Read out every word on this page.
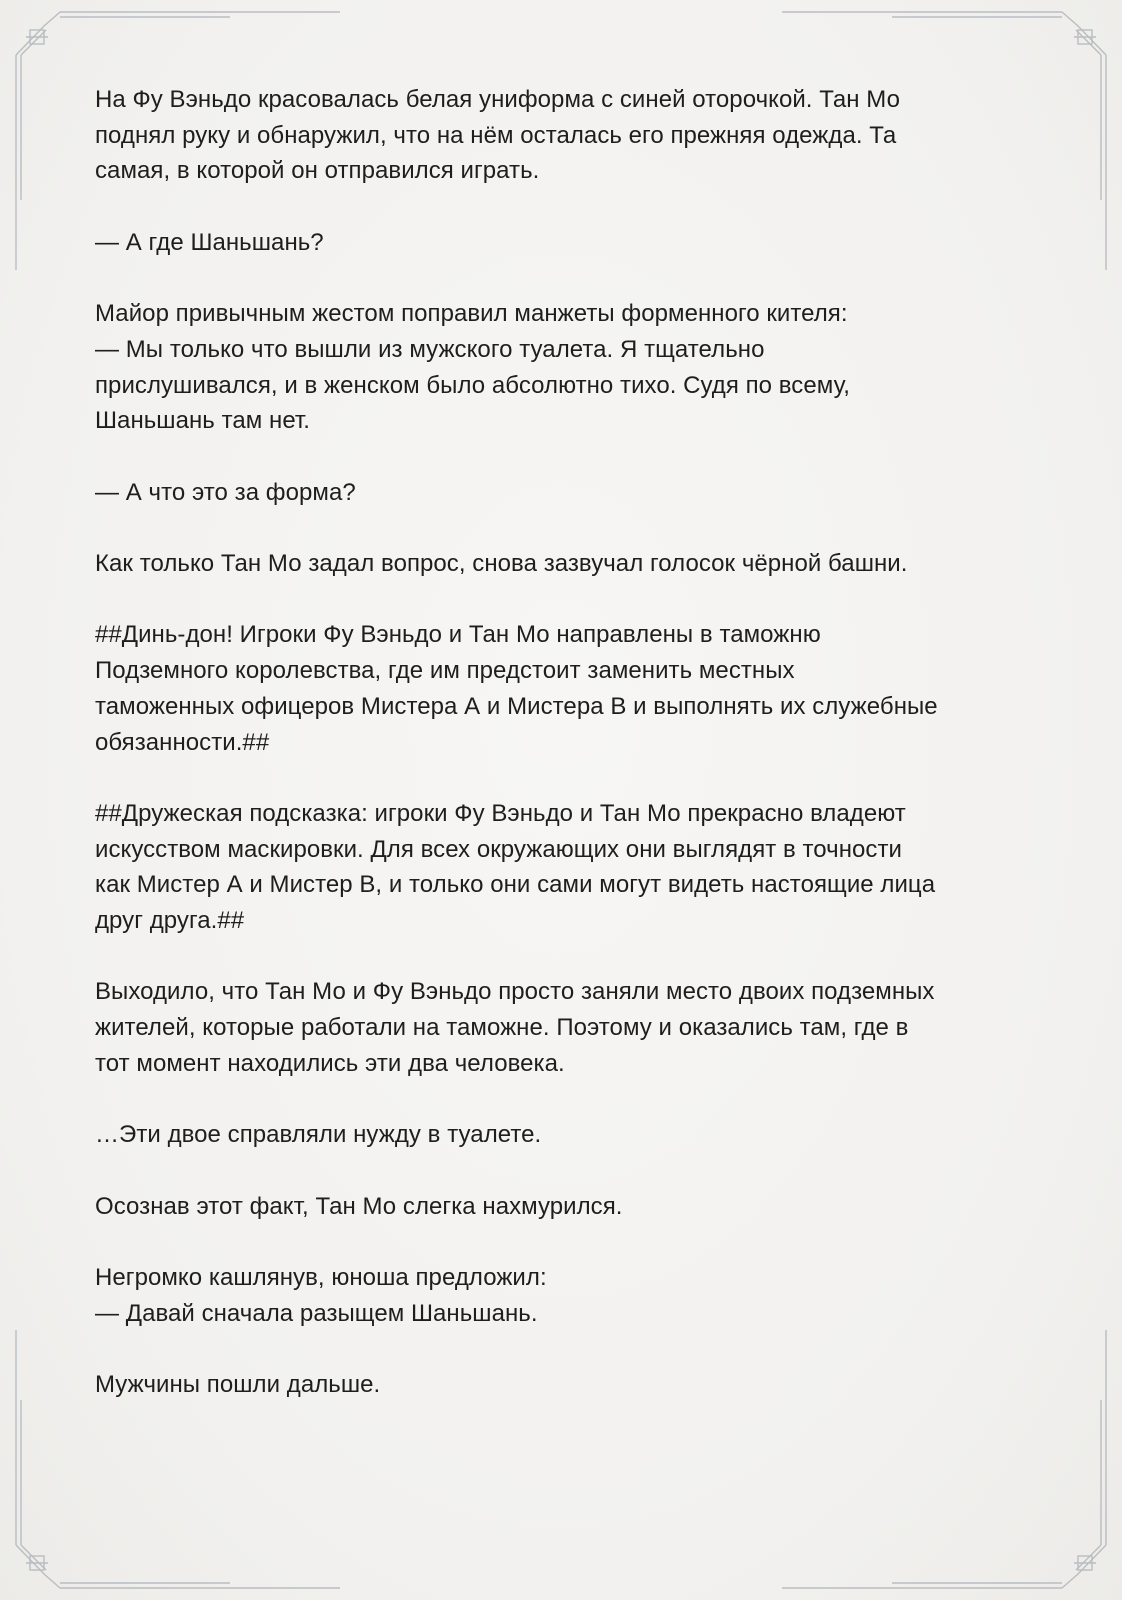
На Фу Вэньдо красовалась белая униформа с синей оторочкой. Тан Мо
поднял руку и обнаружил, что на нём осталась его прежняя одежда. Та
самая, в которой он отправился играть.

— А где Шаньшань?

Майор привычным жестом поправил манжеты форменного кителя:
— Мы только что вышли из мужского туалета. Я тщательно
прислушивался, и в женском было абсолютно тихо. Судя по всему,
Шаньшань там нет.

— А что это за форма?

Как только Тан Мо задал вопрос, снова зазвучал голосок чёрной башни.

##Динь-дон! Игроки Фу Вэньдо и Тан Мо направлены в таможню
Подземного королевства, где им предстоит заменить местных
таможенных офицеров Мистера А и Мистера В и выполнять их служебные
обязанности.##

##Дружеская подсказка: игроки Фу Вэньдо и Тан Мо прекрасно владеют
искусством маскировки. Для всех окружающих они выглядят в точности
как Мистер А и Мистер В, и только они сами могут видеть настоящие лица
друг друга.##

Выходило, что Тан Мо и Фу Вэньдо просто заняли место двоих подземных
жителей, которые работали на таможне. Поэтому и оказались там, где в
тот момент находились эти два человека.

…Эти двое справляли нужду в туалете.

Осознав этот факт, Тан Мо слегка нахмурился.

Негромко кашлянув, юноша предложил:
— Давай сначала разыщем Шаньшань.

Мужчины пошли дальше.
